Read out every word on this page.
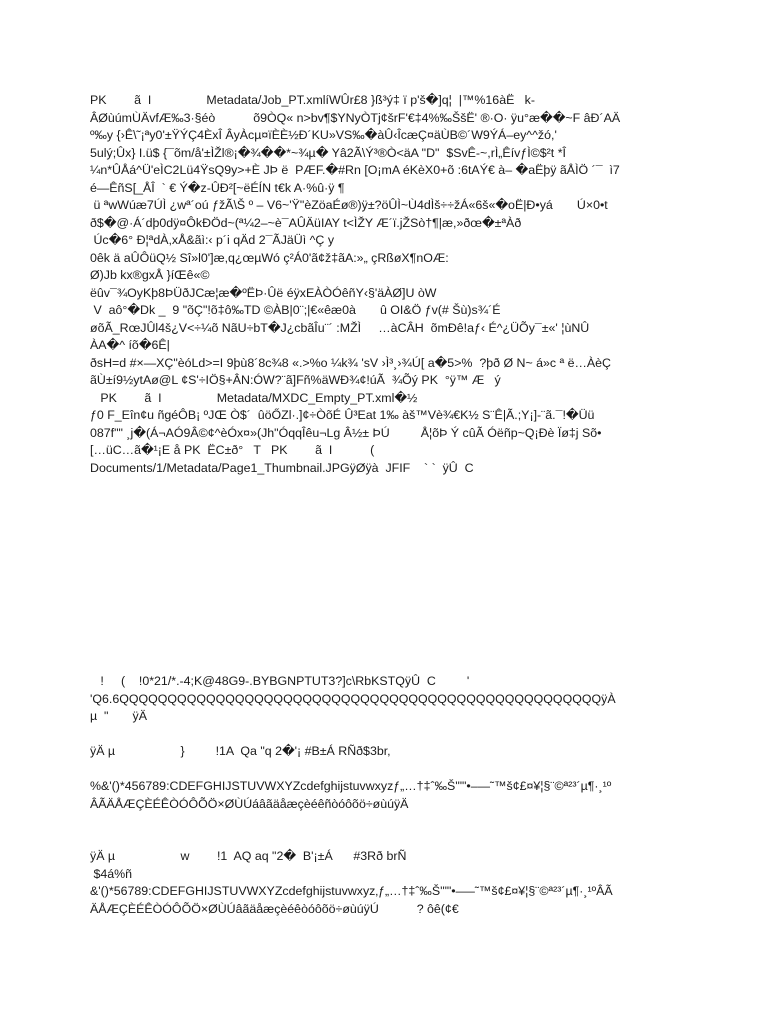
PK        ã  I                Metadata/Job_PT.xmlíWÛr£8 }ß³ý‡ ï p'š�]q¦  |™%16àË   k-
ÂØùúmÙÄvfÆ‰3·§éò           õ9ÒQ« n>bv¶$YNyÒTj¢šrF'€‡4%‰ŠšË' ®·O· ÿu°æ��~F âÐ´AÄ
º‰y {›Ê\˜¡ªy0'±ŸÝÇ4ÈxÎ ÂyÀcµ¤ïÈÈ½Ð´KU»VS‰�àÛ‹ÎcæÇ¤äÙB©´W9ÝÁ–ey^^žó,'
5ulý;Ûx} I.ü$ {¯õm/å'±ÌŽl®¡�¾��*~¾µ� Yâ2Ã\Ý³®Ò<äA "D"  $SvÊ-~,rÌ„ÊívƒÌ©$²t *Î
¼n*ÛÅá^Ü'eÌC2Lü4ŸsQ9y>+È JÞ ë  PÆF.�#Rn [O¡mA éKèX0+õ :6tAÝ€ à– �aËþÿ ãÅÌÖ ´¯  ì7
é—ÊñS[_ÅÎ  ` € Ý�z-ÛÐ²[~ëÉÍN t€k A·%û·ÿ ¶
ü ªwWúæ7ÚÌ ¿wª´oú ƒžÃ\Š º – V6~'Ÿ"èZöaÉø®)ÿ±?öÛÌ~Ù4dÌš÷÷žÁ«6š«�oË|Ð•yá       Ú×0•t
ð$�@·Á´dþ0dÿ¤ÔkÐÖd~(ª¼2–~è¯AÛÄüIAY t<ÌŽY Æ´ï.jŽSò†¶|æ,»ðœ�±ªÀð
Úc�6° Ð¦ªdÀ,xÅ&ãì:‹ p´i qÄd 2¯ÃJäÜì ^Ç y
0êk ä aÛÔüQ½ Sî»l0']æ,q¿œµWó ç²Á0'ã¢ž‡ãA:»„ çRßøX¶nOÆ:
Ø)Jb kx®gxÅ }íŒê«©
ëûv¯¾OyKþ8ÞÜðJCæ¦æ�ºËÞ·Ûë éÿxEÀÒÓêñY‹§'äÀØ]U òW
V  aô°�Dk _  9 "õÇ"!õ‡ô‰TD ©ÀB|0¨;|€«êæ0à       û OI&Ö ƒv(# Šù)s¾´É
øõÃ_RœJÛl4š¿V<÷¼õ NãU÷bT�J¿cbãÎu¨´ :MŽÌ     …àCÂH  õmÐê!aƒ‹ É^¿ÜÕy¯±«' ¦ùNÛ
ÀA�^ íõ�6Ê|
ðsH=d #×—XÇ"èóLd>=I 9þù8´8c¾8 «.>%o ¼k¾ 'sV ›Ì³¸›¾Ú[ a�5>%  ?þð Ø N~ á»c ª ë…ÀèÇ
ãÙ±í9½ytAø@L ¢S'÷IÖ§+ÂN:ÓW?¨ã]Fñ%äWÐ¾¢!úÃ  ¾Õý PK  °ÿ™ Æ   ý
PK        ã  I                Metadata/MXDC_Empty_PT.xml�½
ƒ0 F_Eîn¢u ñgéÔB¡ ºJŒ Ò$´  ûöŐZl·.]¢÷ÒõÉ Û³Eat 1‰ àš™Vè¾€K½ S¨Ê|Ã.;Y¡]-¨ã.¯!�Üü
087f"" ¸j�(Á¬AÓ9Â©¢^èÓx¤»(Jh"ÓqqÎêu¬Lg Â½± ÞÚ         Å¦õÞ Ý cûÃ Óëñp~Q¡Ðè Ïø‡j Sõ•
[…üC…ã�¹¡E å PK  ËC±ð°   T   PK        ã  I           (
Documents/1/Metadata/Page1_Thumbnail.JPGÿØÿà  JFIF    ` `  ÿÛ  C
!     (    !0*21/*.-4;K@48G9-.BYBGNPTUT3?]c\RbKSTQÿÛ  C         '
'Q6.6QQQQQQQQQQQQQQQQQQQQQQQQQQQQQQQQQQQQQQQQQQQQQQQQQQÿÀ
µ  "       ÿÄ
ÿÄ µ                   }         !1A  Qa "q 2�'¡ #B±Á RÑð$3br,
%&'()*456789:CDEFGHIJSTUVWXYZcdefghijstuvwxyzƒ„…†‡ˆ‰Š'""•–—˜™š¢£¤¥¦§¨©ª²³´µ¶·¸¹º
ÂÃÄÅÆÇÈÉÊÒÓÔÕÖ×ØÙÚáâãäåæçèéêñòóôõö÷øùúÿÄ
ÿÄ µ                   w        !1  AQ aq "2�  B'¡±Á      #3Rð brÑ
$4á%ñ
&'()*56789:CDEFGHIJSTUVWXYZcdefghijstuvwxyz‚ƒ„…†‡ˆ‰Š'""•–—˜™š¢£¤¥¦§¨©ª²³´µ¶·¸¹ºÂÃ
ÄÅÆÇÈÉÊÒÓÔÕÖ×ØÙÚâãäåæçèéêòóôõö÷øùúÿÚ           ? ôê(¢€
